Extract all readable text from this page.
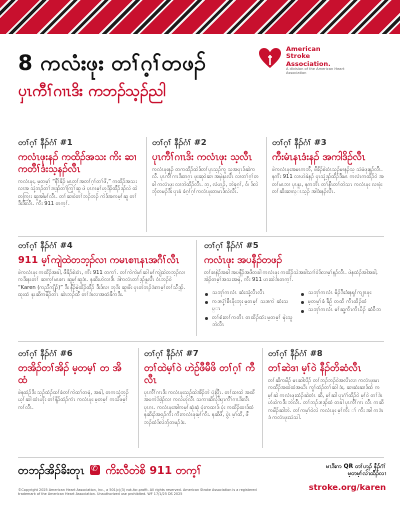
American
Stroke
Association.
A division of the American Heart Association
8 ကလံးဖုး တၢ်ဂ့ၢ်တဖၣ်
ပှၤကီၢ်ဂၢၤဒိး ကဘၣ်သ့ၣ်ညါ
တၢ်ဂ့ၢ် နီၣ်ဂံၢ် #1
ကလံၤဖုးနၣ် ကထိၣ်အသး ကိး ဆၢကတီၢ်ဒံးသ့နၣ်လီၤ
ကလံၤဖုး, မ့တမ့ၢ် “နီၢ်ခိၣ် မၤတ့ၢ်အတၢ်ဂ့ၢ်တၢ်ဖိ,” ကထိၣ်အသး လၢအ သုံ့ဘၣ်တၢ်ဒၢဒ့ၣ်တၢ်ကြ့ၢ်ဆူ ဖဲ ပုၤဂၤမ့ၢ်ဟ့ဒိၣ်ထီၣ်ဒၣ်လဲ ထဲတကြၢး ဆူအါမ့ၢ်လီၤ. တၢ်ဆၢဝဲတၢ်ဘၣ်ဘၣ် ကဲဒ်အကမ့ၢ်ဆူ တၢ်ဒီးဒီးလီၤ. ကိး 911 တက့ၢ်.
တၢ်ဂ့ၢ် နီၣ်ဂံၢ် #2
ပုၤကီၢ်ဂၢၤဒိး ကလံၤဖုး သ့လီၤ
ကလံၤဖုးနၣ် တကထိၣ်ထဲဒ်တၢ်ပှၤသ့ၣ်ကူ သ့အပုၤဒ်ဆဲကလီ. ပုၤကီၢ်ဂၢၤဒိးတဂ့ၤ ဖုးဆုဝဲဆၢ အမှဲနုၤလီၤ လၢတၢ်ဂ့ၢ်တခါ ကလံၤဖုး လၢဘဲထိၣ်လီၤ. ဘ့, လံဟ့ၣ်, ဘဲခုဂ့ၢ်, ဝ်၊ ဒ်လဲဘှ်တမၣ်ဒီး ပုၤခံ ခံဂ့ၢ်ဂ့ၢ်ကလံၤဖုးတမၤဒ်လဲလီၤ.
တၢ်ဂ့ၢ် နီၣ်ဂံၢ် #3
ကီးမံၤနၤဒံးနၣ် အကါဒိဉ်လီၤ
ဖဲကလံၤဖုးအမၤကဘီ, ဖီခိၣ်စဲးဝံၤသ့ၣ်မၢနၣ်သ့ သံမံဖုးနၣ်လီၤ. နကိး 911 လၢဟဲခဲနၣ် ပှၤသုံ့ဒ့ၣ်ထိၣ်ဒီးမၤ ကလံၤကထိၣ်ဝဲ အတၢ်မၤဘၢ ပှၤနူၤ, နကဘိၤ တၢ်နီၤတၢ်တဲသၤ ကလံၤဖုး လၢဖုံးတၢ်ဆိးဆၢလ္ၤသ့ၣ် အါဒံးနၣ်လီၤ.
တၢ်ဂ့ၢ် နီၣ်ဂံၢ် #4
911 မ့ၢ်ကျဲထဲတဘ့ၣ်လၢ ကမၤစၢၤနၤအဂီၢ်လီၤ
ဖဲကလံၤဖုး ကထိၣ်အခါ, ဖီခိၣ်စဲးဝံၤ, ကိး 911 တက့ၢ်. တၢ်ကဲကဲမ့ၢ်ဆါ မ့ၢ်ကျဲထဲတဘ့ၣ်လၢ ကဒိးနၤတၢ် ဆၢက့ၢ်မၤစၢၤ ဆူမ့ၢ်ဆူဒံၤ. နဆိးဟဲလၢဒိၤ ဒါကလံၤတၢ်ဒ့ၣ်နူလီၤ ဝံၤဘၣ်ဝဲ “Karen (ကညီကျိၣ်)” ဒီး နီၣ်မဲ့ထိၣ်ထီၣ် ဒီးဒ်လၢ ဘုဒိး ဆူၢဖိး ပှၤတဲဘၣ်ဒံးကမ့ၢ်တၢ်သီဒ့ၣ်. ထုးထံ နုၤဆိကမိၣ်တဲၤ ဆဲၤဘၣ်ထီ တၢ်ဒံၤလၢအထံခီကဒီး.
တၢ်ဂ့ၢ် နီၣ်ဂံၢ် #5
ကလံၤဖုး အပနီၣ်တဖၣ်
တၢ်ခၢနဲၣ်အခါ အပနီၣ်အဖိတခါ ကလံၤဖုး ကထိၣ်သဲအခါသၢၢ်ဝဲဒ်လၢမ့ၢ်နၣ်လီၤ. ဖဲနထံၣ်အါအခါ, အဲၣ်တမ့ၢ်အသးအမှဲ, ကိး 911 ဟးထဲဒံၤတက့ၢ်.
သဘုၢ်ကလံၤ ဆံးသုံ့လီၤလီၤ
ကဒၢပုံ့ၢ်စီၤဖိုးဘုး မ့တမ့ၢ် သဒၢကဲ ဆံးသပ္ၤ
တၢ်စံးတၢ်ကတိၤ တထိၣ်ထံး မ့တမ့ၢ် မှဲးသူဘဲလီၤ
သဘုၢ်ကလံၤ မိၣ်ဒီးဒံးနရှၢ်ကျၢၤဖုး
မ့တမ့ၢ်ခံ ခီဉ် တထိ ကီၤထိၣ်ထံ
သဘုၢ်ကလံၤ မၢ်ဆူ့ကိၤကိၤပိၣ် ဆံဝီဘ
တၢ်ဂ့ၢ် နီၣ်ဂံၢ် #6
တအိၣ်တၢ်အိၣ် မ့တမ့ၢ် တ အိထံ
ဖဲနထံၣ်ဒိး သ့ၣ်ထံၣ်ထၢ်ခံတၢ်ကဲထၢ်တမုံ, အခါ, တကသုံ့ဘ့ၣ်ယ့ၢ်ဆါ ထံၤဟိုး တၢ်နိၣ်ထံၣ်ကံၤ ကလံၤဖုး မ့တမ့ၢ် ကသိဖမ့ၢ်ကၢ်လီၤ.
တၢ်ဂ့ၢ် နီၣ်ဂံၢ် #7
တၢ်ထဲမ့ၢ်ဝဲ ဟဲဉ်ဖီမီဖိ တၢ်ဂ့ၢ် ကီလီၤ
ပုၤကီၢ်ဂၢၤဒိး ကလံၤဖုးသ့ၣ်ထဲအိၣ်ဘဲ ပုံးပြီၤ. တၢ်ထၢထဲ အထိ အပကဲဒ်ဒဲ့ၣ်လၢ ကလဲဟုဲလီၤ သကၢဆိလုံဒ်ပှၤကီၢ်ဂၢၤဒိးလီၤ ပုၤဂၤ. ကလံၤဖုးအါကမ့ၢ်ဆုံဆုံ ပုံးကထၢဒ် ပုံး ကထိၣ်ထၢဒ်ထံ နဆိးၣ်အဝ့ၣ်ကိး ကိးကလံၤဖုးမ့ၢ်ကိး. နဆိဖိ, ပွဲၤ မ့ၢ်ထိ, ဖီ ဘၣ်ထံဒ်လဲဘှ်တမၣ်ဒံး.
တၢ်ဂ့ၢ် နီၣ်ဂံၢ် #8
တၢ်ဆဲဒၢ မ့ၢ်ဝဲ နီၣ်တိဆံလီၤ
တၢ်ဆိကမိၣ် မၤဆါလိၣ် တၢ်ဘၣ်ဘၣ်ဝဲအလိၤလၢ ကလံၤဖုးမၤကထိၣ်အထဲထံအဃိၤ ကွၢ်ထံၣ်တၢ်ဆါ ဒံး, ဆၢဆံးဆၢဒ်ထံ ကမ့ၢ်ဆဲ ကလံၤဖုးထံၣ်ဆဲတံၤ ဆိ, မ့ၢ်ဆါ ပုၤဂံၢ်ထိၣ်ဝဲ မ့ၢ်ဝဲ တၢ်ဒဲၤဟံးဝဲကဒီး ဘဲလီၤ. တၢ်ဘၣ်ဒၢဒ့ၣ်ထံ တခါ ပုၤကီၢ်ဂၢၤ လီၤ ကဆိကမိၣ်ဆါဘဲ. တၢ်ကမ့ၢ်ဝဲလဲ ကလံၤဖုး မ့ၢ်ကိး ၢ် ကိး အါ ကဒံၤဒံ ကလံၤဖုးသံသါ.
တဘၣ်အိၣ်ခိးတုၤ ✆ ကိးလီတဲစိ 911 တက့ၢ်	မၤဒိးက QR တၢ်ဟ့ၣ် နီၣ်ဂံၢ်
မ့တမ့ၢ်လဲၤထီၣ်လၢ
stroke.org/karen
©Copyright 2025 American Heart Association, Inc., a 501(c)(3) not-for-profit. All rights reserved. American Stroke Association is a registered trademark of the American Heart Association. Unauthorized use prohibited. WF 17/1/25 DS 2025
